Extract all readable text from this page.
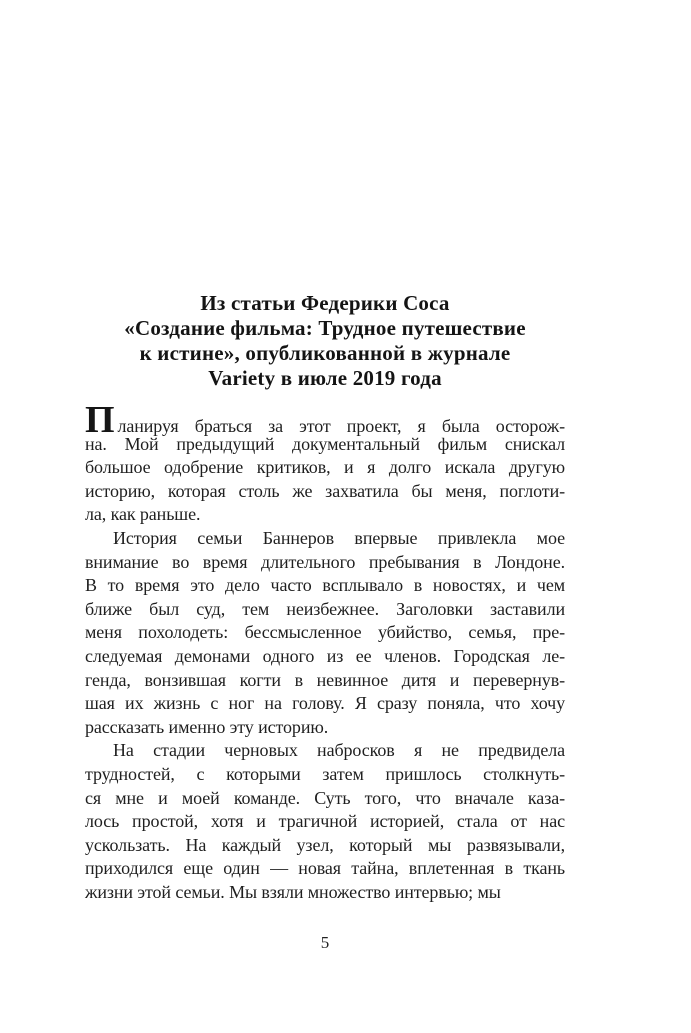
Из статьи Федерики Соса
«Создание фильма: Трудное путешествие
к истине», опубликованной в журнале
Variety в июле 2019 года
Планируя браться за этот проект, я была осторож-
на. Мой предыдущий документальный фильм снискал
большое одобрение критиков, и я долго искала другую
историю, которая столь же захватила бы меня, поглоти-
ла, как раньше.
История семьи Баннеров впервые привлекла мое
внимание во время длительного пребывания в Лондоне.
В то время это дело часто всплывало в новостях, и чем
ближе был суд, тем неизбежнее. Заголовки заставили
меня похолодеть: бессмысленное убийство, семья, пре-
следуемая демонами одного из ее членов. Городская ле-
генда, вонзившая когти в невинное дитя и перевернув-
шая их жизнь с ног на голову. Я сразу поняла, что хочу
рассказать именно эту историю.
На стадии черновых набросков я не предвидела
трудностей, с которыми затем пришлось столкнуть-
ся мне и моей команде. Суть того, что вначале каза-
лось простой, хотя и трагичной историей, стала от нас
ускользать. На каждый узел, который мы развязывали,
приходился еще один — новая тайна, вплетенная в ткань
жизни этой семьи. Мы взяли множество интервью; мы
5
